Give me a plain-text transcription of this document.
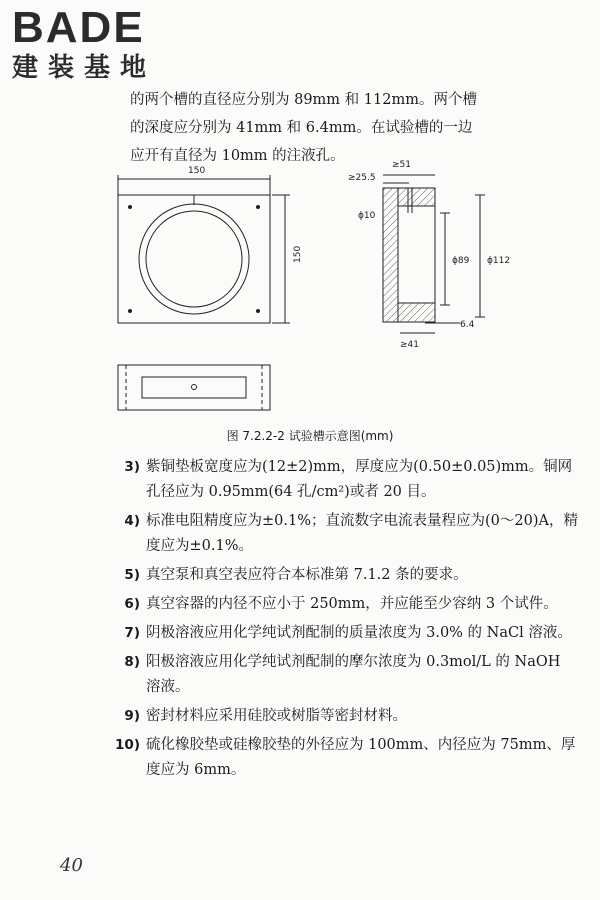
BADE
建装基地

的两个槽的直径应分别为 89mm 和 112mm。两个槽

的深度应分别为 41mm 和 6.4mm。在试验槽的一边

应开有直径为 10mm 的注液孔。

150
150
≥51
≥25.5
ϕ10
ϕ89 ϕ112
6.4
≥41
图 7.2.2-2 试验槽示意图(mm)
3) 紫铜垫板宽度应为(12±2)mm，厚度应为(0.50±0.05)mm。铜网孔径应为 0.95mm(64 孔/cm²)或者 20 目。
4) 标准电阻精度应为±0.1%；直流数字电流表量程应为(0～20)A，精度应为±0.1%。
5) 真空泵和真空表应符合本标准第 7.1.2 条的要求。
6) 真空容器的内径不应小于 250mm，并应能至少容纳 3 个试件。
7) 阴极溶液应用化学纯试剂配制的质量浓度为 3.0% 的 NaCl 溶液。
8) 阳极溶液应用化学纯试剂配制的摩尔浓度为 0.3mol/L 的 NaOH 溶液。
9) 密封材料应采用硅胶或树脂等密封材料。
10) 硫化橡胶垫或硅橡胶垫的外径应为 100mm、内径应为 75mm、厚度应为 6mm。
40
